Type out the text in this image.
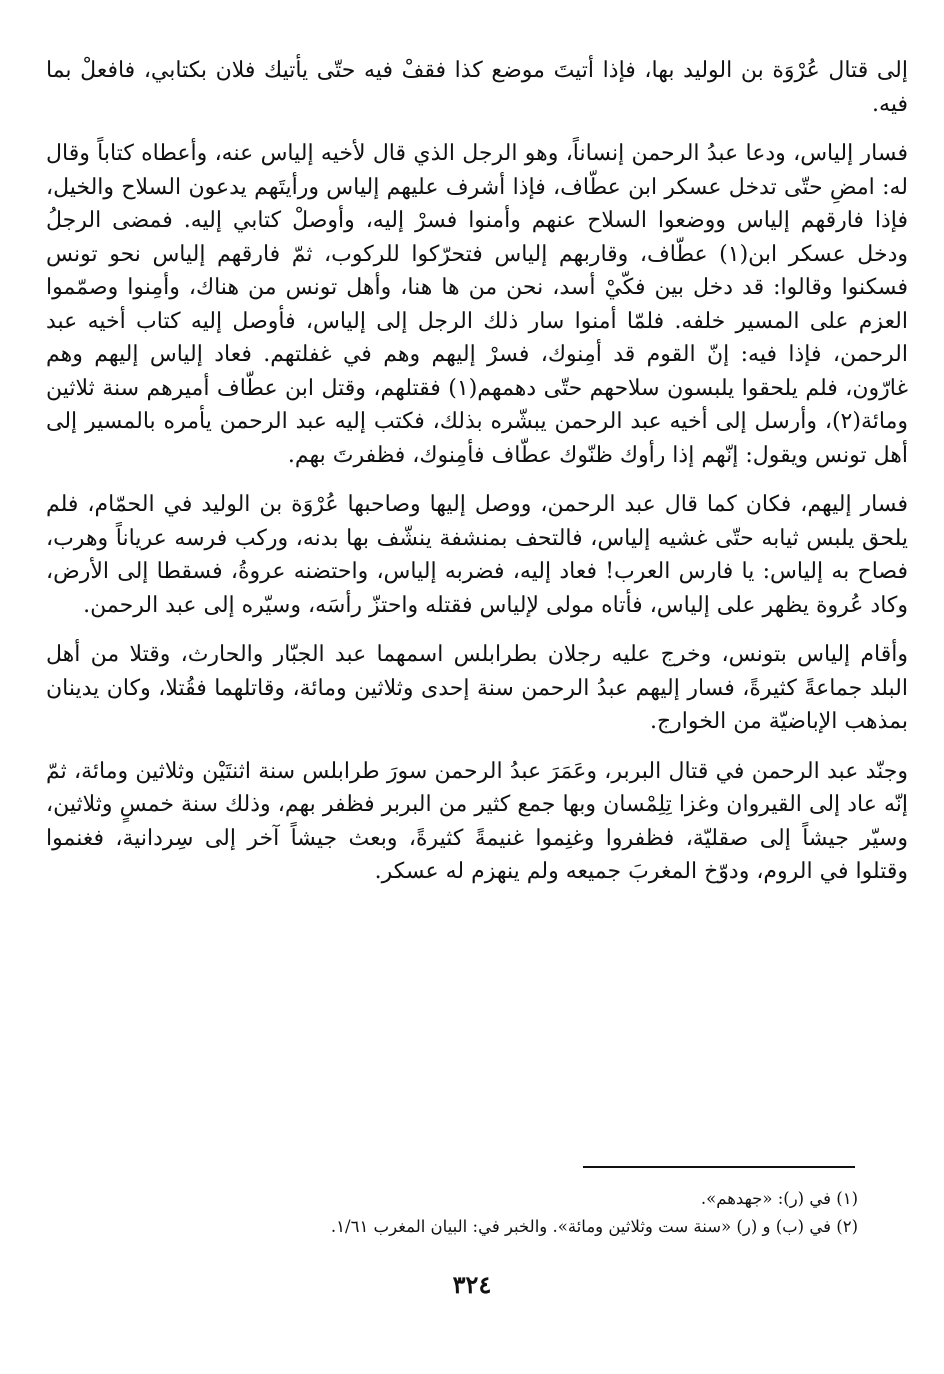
إلى قتال عُرْوَة بن الوليد بها، فإذا أتيتَ موضع كذا فقفْ فيه حتّى يأتيك فلان بكتابي، فافعلْ بما فيه.

فسار إلياس، ودعا عبدُ الرحمن إنساناً، وهو الرجل الذي قال لأخيه إلياس عنه، وأعطاه كتاباً وقال له: امضِ حتّى تدخل عسكر ابن عطّاف، فإذا أشرف عليهم إلياس ورأيتَهم يدعون السلاح والخيل، فإذا فارقهم إلياس ووضعوا السلاح عنهم وأمنوا فسرْ إليه، وأوصلْ كتابي إليه. فمضى الرجلُ ودخل عسكر ابن(١) عطّاف، وقاربهم إلياس فتحرّكوا للركوب، ثمّ فارقهم إلياس نحو تونس فسكنوا وقالوا: قد دخل بين فكّيْ أسد، نحن من ها هنا، وأهل تونس من هناك، وأمِنوا وصمّموا العزم على المسير خلفه. فلمّا أمنوا سار ذلك الرجل إلى إلياس، فأوصل إليه كتاب أخيه عبد الرحمن، فإذا فيه: إنّ القوم قد أمِنوك، فسرْ إليهم وهم في غفلتهم. فعاد إلياس إليهم وهم غارّون، فلم يلحقوا يلبسون سلاحهم حتّى دهمهم(١) فقتلهم، وقتل ابن عطّاف أميرهم سنة ثلاثين ومائة(٢)، وأرسل إلى أخيه عبد الرحمن يبشّره بذلك، فكتب إليه عبد الرحمن يأمره بالمسير إلى أهل تونس ويقول: إنّهم إذا رأوك ظنّوك عطّاف فأمِنوك، فظفرتَ بهم.

فسار إليهم، فكان كما قال عبد الرحمن، ووصل إليها وصاحبها عُرْوَة بن الوليد في الحمّام، فلم يلحق يلبس ثيابه حتّى غشيه إلياس، فالتحف بمنشفة ينشّف بها بدنه، وركب فرسه عرياناً وهرب، فصاح به إلياس: يا فارس العرب! فعاد إليه، فضربه إلياس، واحتضنه عروةُ، فسقطا إلى الأرض، وكاد عُروة يظهر على إلياس، فأتاه مولى لإلياس فقتله واحتزّ رأسَه، وسيّره إلى عبد الرحمن.

وأقام إلياس بتونس، وخرج عليه رجلان بطرابلس اسمهما عبد الجبّار والحارث، وقتلا من أهل البلد جماعةً كثيرةً، فسار إليهم عبدُ الرحمن سنة إحدى وثلاثين ومائة، وقاتلهما فقُتلا، وكان يدينان بمذهب الإباضيّة من الخوارج.

وجنّد عبد الرحمن في قتال البربر، وعَمَرَ عبدُ الرحمن سورَ طرابلس سنة اثنتَيْن وثلاثين ومائة، ثمّ إنّه عاد إلى القيروان وغزا تِلِمْسان وبها جمع كثير من البربر فظفر بهم، وذلك سنة خمسٍ وثلاثين، وسيّر جيشاً إلى صقليّة، فظفروا وغنِموا غنيمةً كثيرةً، وبعث جيشاً آخر إلى سِردانية، فغنموا وقتلوا في الروم، ودوّخ المغربَ جميعه ولم ينهزم له عسكر.

(١) في (ر): «جهدهم».

(٢) في (ب) و (ر) «سنة ست وثلاثين ومائة». والخبر في: البيان المغرب ١/٦١.

٣٢٤
